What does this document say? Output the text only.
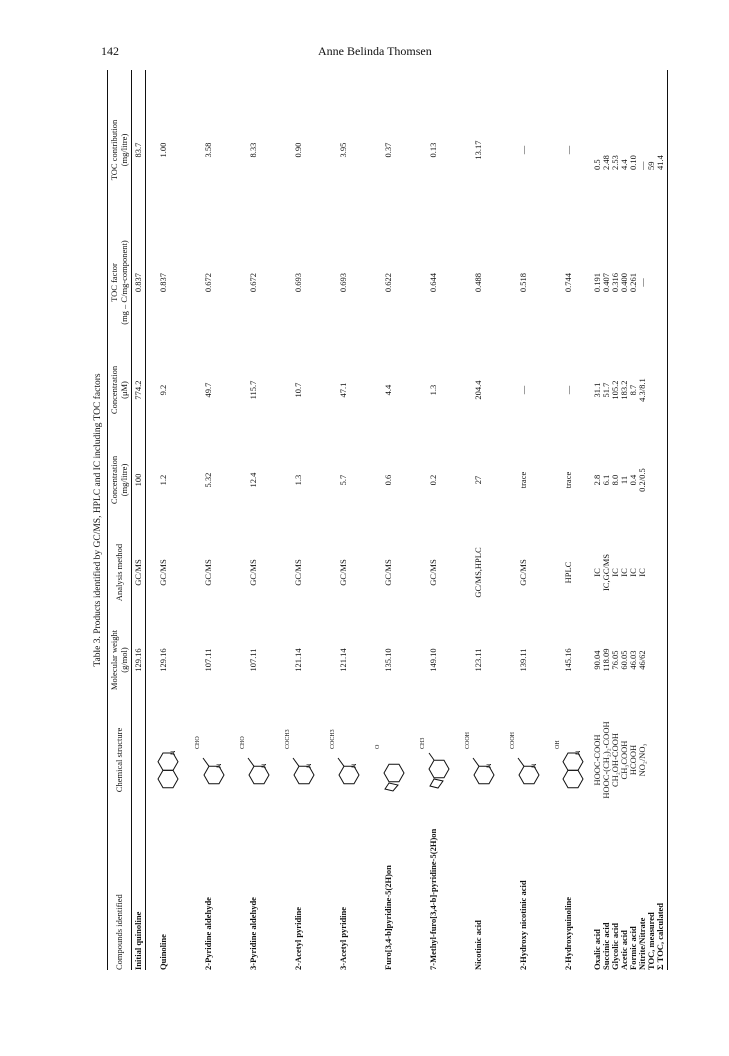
142	Anne Belinda Thomsen
Table 3. Products identified by GC/MS, HPLC and IC including TOC factors
Compounds identified
Chemical structure
Molecular weight (g/mol)
Analysis method
Concentration (mg/litre)
Concentration (μM)
TOC factor (mg – C/mg-component)
TOC contribution (mg/litre)
Initial quinoline
129.16
GC/MS
100
774.2
0.837
83.7
Quinoline
N
129.16
GC/MS
1.2
9.2
0.837
1.00
2-Pyridine aldehyde
N
CHO
107.11
GC/MS
5.32
49.7
0.672
3.58
3-Pyridine aldehyde
N
CHO
107.11
GC/MS
12.4
115.7
0.672
8.33
2-Acetyl pyridine
N
COCH3
121.14
GC/MS
1.3
10.7
0.693
0.90
3-Acetyl pyridine
N
COCH3
121.14
GC/MS
5.7
47.1
0.693
3.95
Furo[3,4-b]pyridine-5(2H)on
O
135.10
GC/MS
0.6
4.4
0.622
0.37
7-Methyl-furo[3,4-b]-pyridine-5(2H)on
CH3
149.10
GC/MS
0.2
1.3
0.644
0.13
Nicotinic acid
N
COOH
123.11
GC/MS,HPLC
27
204.4
0.488
13.17
2-Hydroxy nicotinic acid
N
COOH
139.11
GC/MS
trace
—
0.518
—
2-Hydroxyquinoline
N
OH
145.16
HPLC
trace
—
0.744
—
Oxalic acid Succinic acid Glycolic acid Acetic acid Formic acid Nitrite/Nitrate TOC, measured Σ TOC, calculated
HOOC-COOH HOOC-(CH₂)₂-COOH CH₂OH-COOH CH₃COOH HCOOH NO₂/NO₃
90.04 118.09 76.05 60.05 46.03 46/62
IC IC,GC/MS IC IC IC IC
2.8 6.1 8.0 11 0.4 0.2/0.5
31.1 51.7 105.2 183.2 8.7 4.3/8.1
0.191 0.407 0.316 0.400 0.261 —
0.5 2.48 2.53 4.4 0.10 — 59 41.4
